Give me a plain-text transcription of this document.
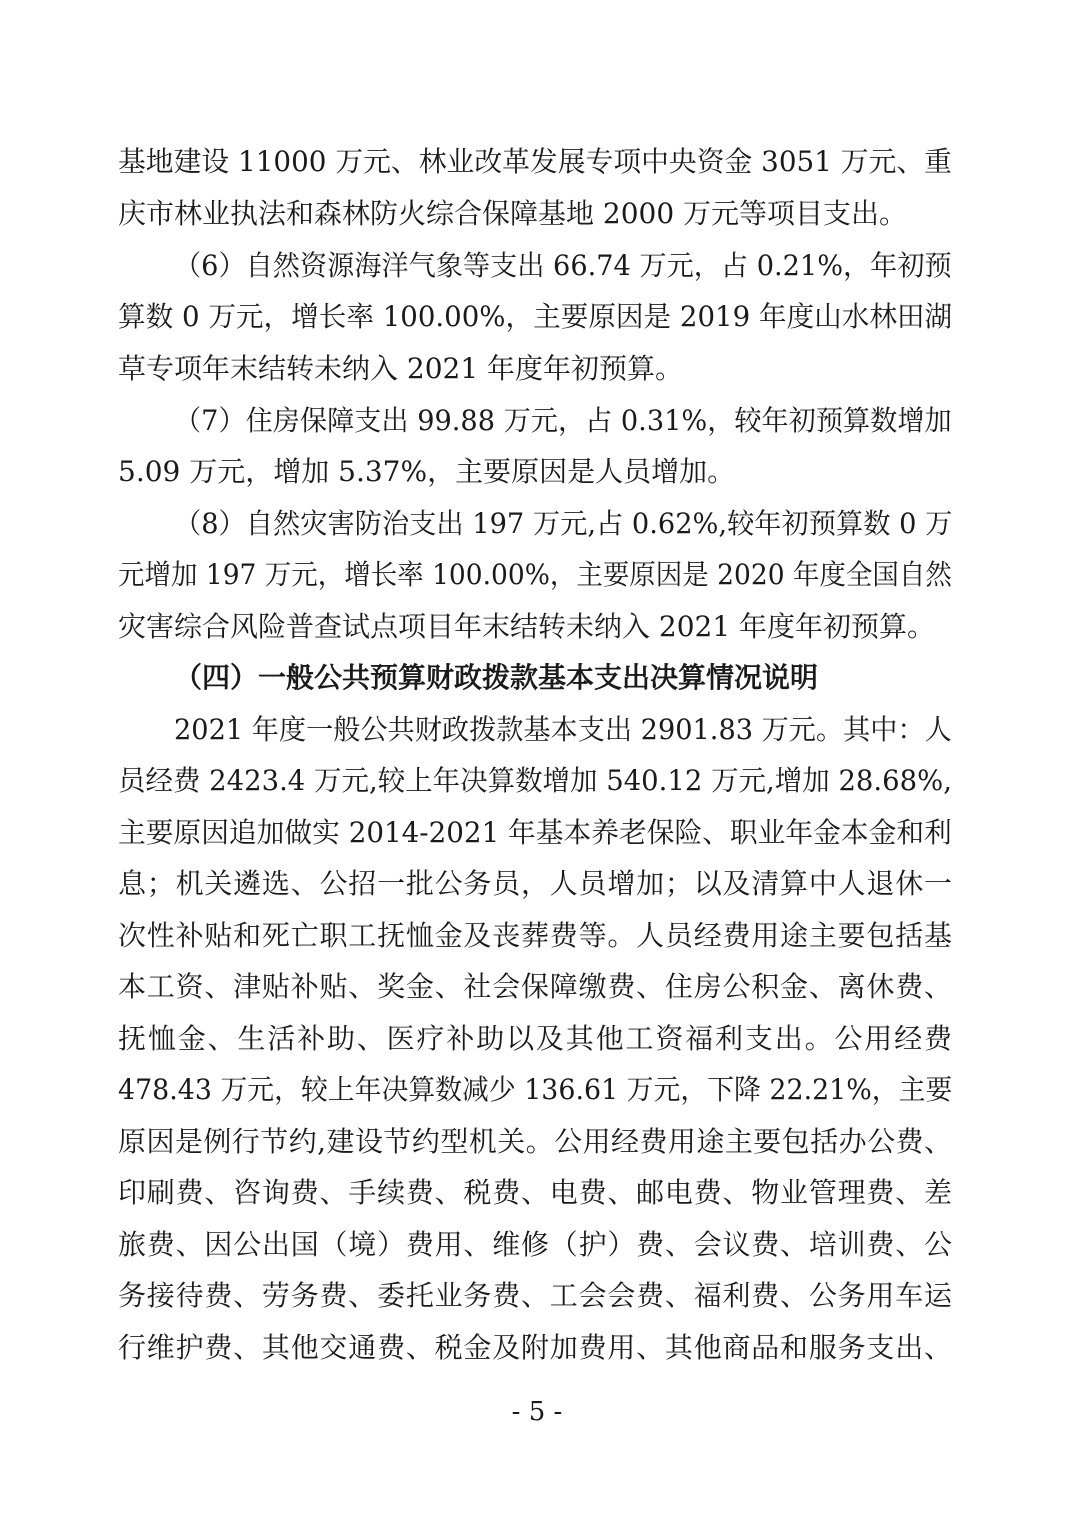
基地建设 11000 万元、林业改革发展专项中央资金 3051 万元、重

庆市林业执法和森林防火综合保障基地 2000 万元等项目支出。

（6）自然资源海洋气象等支出 66.74 万元，占 0.21%，年初预

算数 0 万元，增长率 100.00%，主要原因是 2019 年度山水林田湖

草专项年末结转未纳入 2021 年度年初预算。

（7）住房保障支出 99.88 万元，占 0.31%，较年初预算数增加

5.09 万元，增加 5.37%，主要原因是人员增加。

（8）自然灾害防治支出 197 万元,占 0.62%,较年初预算数 0 万

元增加 197 万元，增长率 100.00%，主要原因是 2020 年度全国自然

灾害综合风险普查试点项目年末结转未纳入 2021 年度年初预算。

（四）一般公共预算财政拨款基本支出决算情况说明

2021 年度一般公共财政拨款基本支出 2901.83 万元。其中：人

员经费 2423.4 万元,较上年决算数增加 540.12 万元,增加 28.68%,

主要原因追加做实 2014-2021 年基本养老保险、职业年金本金和利

息；机关遴选、公招一批公务员，人员增加；以及清算中人退休一

次性补贴和死亡职工抚恤金及丧葬费等。人员经费用途主要包括基

本工资、津贴补贴、奖金、社会保障缴费、住房公积金、离休费、

抚恤金、生活补助、医疗补助以及其他工资福利支出。公用经费

478.43 万元，较上年决算数减少 136.61 万元，下降 22.21%，主要

原因是例行节约,建设节约型机关。公用经费用途主要包括办公费、

印刷费、咨询费、手续费、税费、电费、邮电费、物业管理费、差

旅费、因公出国（境）费用、维修（护）费、会议费、培训费、公

务接待费、劳务费、委托业务费、工会会费、福利费、公务用车运

行维护费、其他交通费、税金及附加费用、其他商品和服务支出、

- 5 -
